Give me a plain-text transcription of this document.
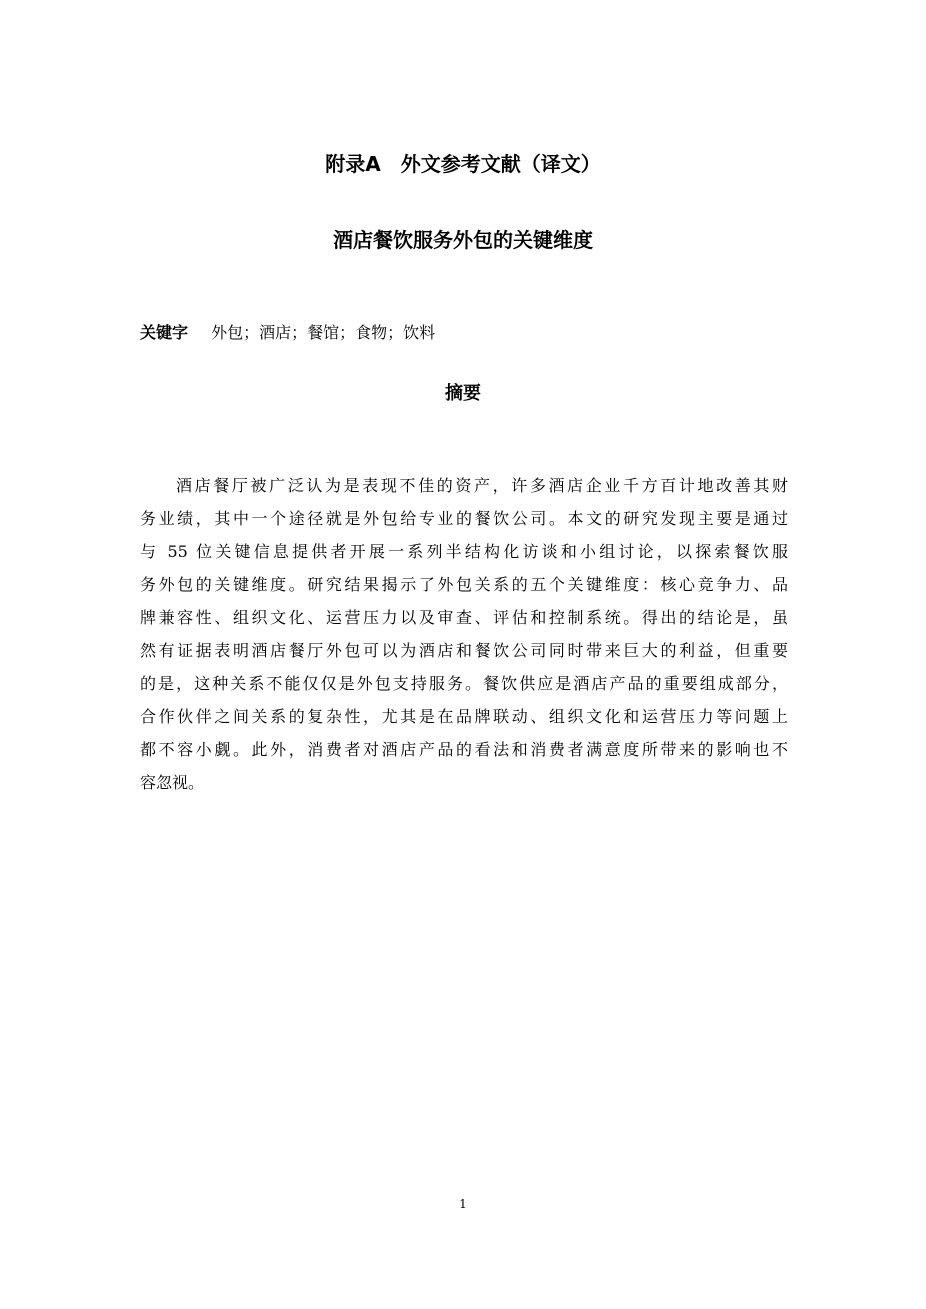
附录A　外文参考文献（译文）
酒店餐饮服务外包的关键维度
关键字 外包；酒店；餐馆；食物；饮料
摘要
酒店餐厅被广泛认为是表现不佳的资产，许多酒店企业千方百计地改善其财
务业绩，其中一个途径就是外包给专业的餐饮公司。本文的研究发现主要是通过
与 55 位关键信息提供者开展一系列半结构化访谈和小组讨论，以探索餐饮服
务外包的关键维度。研究结果揭示了外包关系的五个关键维度：核心竞争力、品
牌兼容性、组织文化、运营压力以及审查、评估和控制系统。得出的结论是，虽
然有证据表明酒店餐厅外包可以为酒店和餐饮公司同时带来巨大的利益，但重要
的是，这种关系不能仅仅是外包支持服务。餐饮供应是酒店产品的重要组成部分，
合作伙伴之间关系的复杂性，尤其是在品牌联动、组织文化和运营压力等问题上
都不容小觑。此外，消费者对酒店产品的看法和消费者满意度所带来的影响也不
容忽视。
1
